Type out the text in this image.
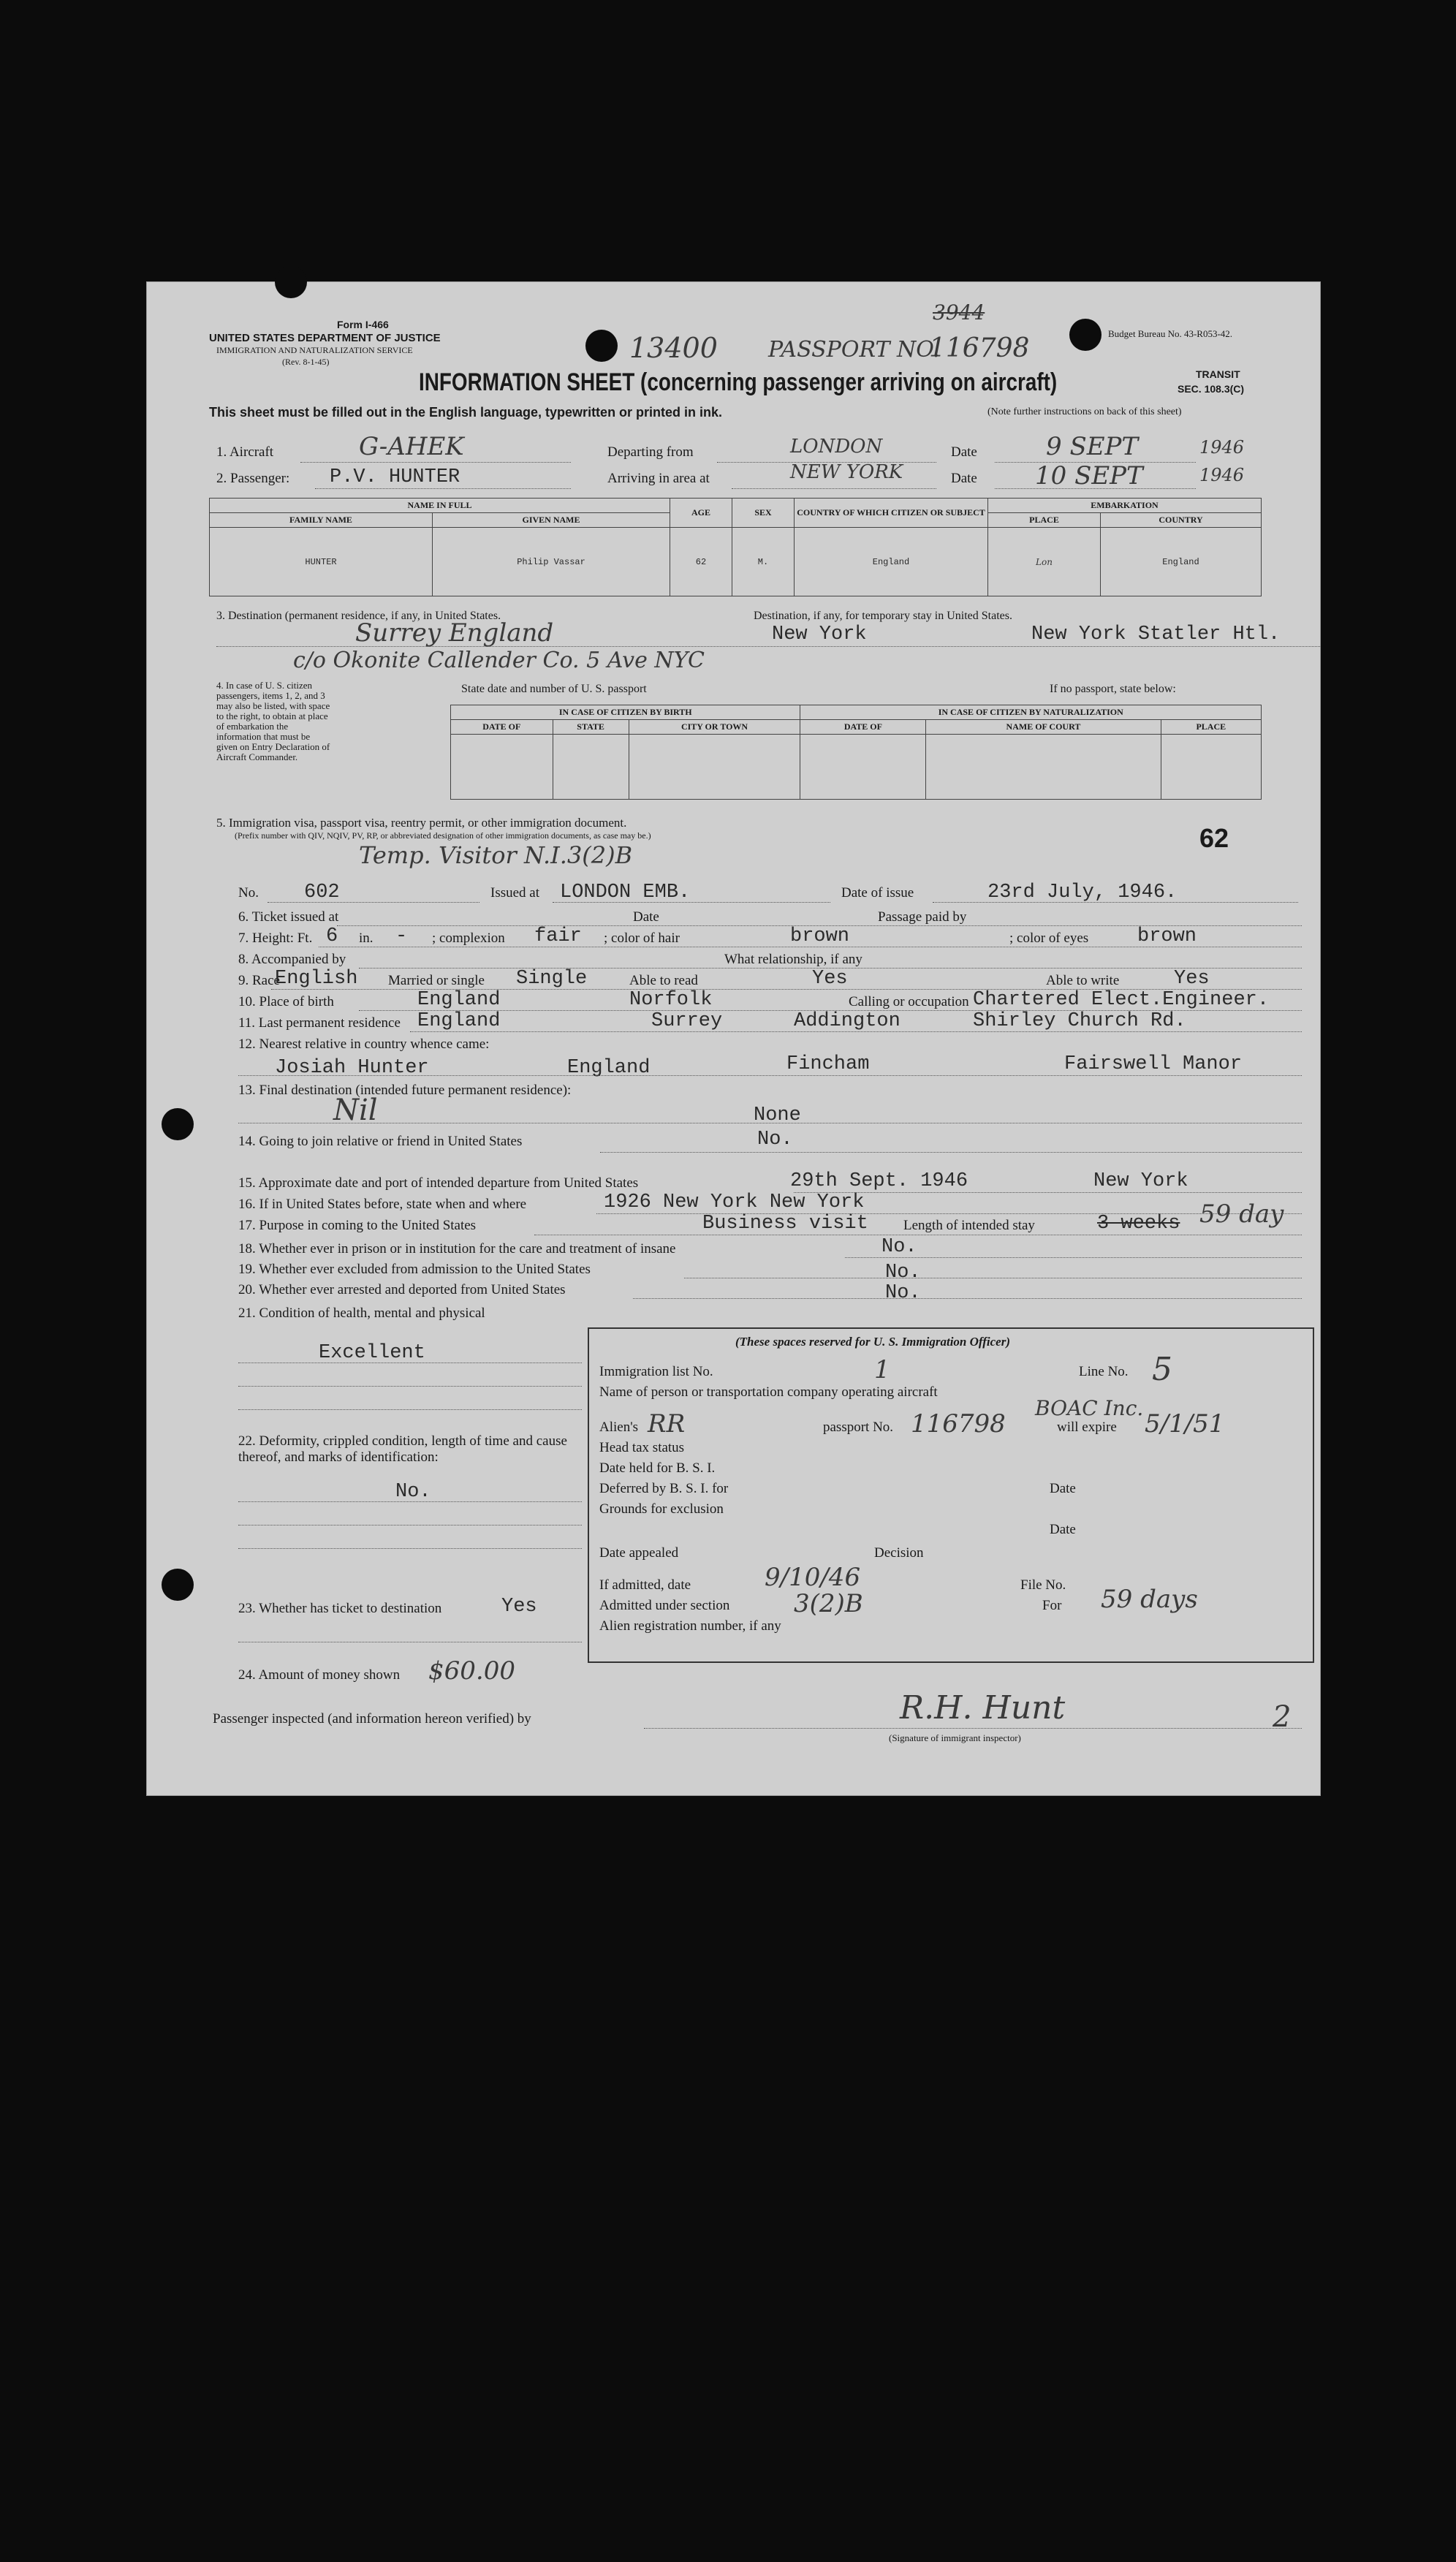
Form I-466
UNITED STATES DEPARTMENT OF JUSTICE
IMMIGRATION AND NATURALIZATION SERVICE
(Rev. 8-1-45)	13400 PASSPORT NO.
116798
3944
Budget Bureau No. 43-R053-42.
TRANSIT
SEC. 108.3(C)
INFORMATION SHEET (concerning passenger arriving on aircraft)
This sheet must be filled out in the English language, typewritten or printed in ink.	(Note further instructions on back of this sheet)
1. Aircraft	G-AHEK	Departing from	LONDON	Date	9 SEPT	1946
2. Passenger: P.V. HUNTER	Arriving in area at	NEW YORK	Date 10 SEPT	1946
NAME IN FULL		AGE	SEX	COUNTRY OF WHICH CITIZEN OR SUBJECT	EMBARKATION	
FAMILY NAME	GIVEN NAME				PLACE	COUNTRY
HUNTER	Philip Vassar	62	M.	England	Lon	England
3. Destination (permanent residence, if any, in United States.	Destination, if any, for temporary stay in United States.
Surrey England	New York	New York Statler Htl.
c/o Okonite Callender Co. 5 Ave NYC
4. In case of U. S. citizen passengers, items 1, 2, and 3 may also be listed, with space to the right, to obtain at place of embarkation the information that must be given on Entry Declaration of Aircraft Commander.
State date and number of U. S. passport	If no passport, state below:
IN CASE OF CITIZEN BY BIRTH			IN CASE OF CITIZEN BY NATURALIZATION		
DATE OF	STATE	CITY OR TOWN	DATE OF	NAME OF COURT	PLACE

5. Immigration visa, passport visa, reentry permit, or other immigration document.
(Prefix number with QIV, NQIV, PV, RP, or abbreviated designation of other immigration documents, as case may be.)	62
Temp. Visitor N.I.3(2)B
No. 602	Issued at LONDON EMB.	Date of issue	23rd July, 1946.
6. Ticket issued at	Date	Passage paid by
7. Height: Ft. 6 in. - ; complexion fair ; color of hair	brown	; color of eyes brown
8. Accompanied by	What relationship, if any
9. Race
English Married or single Single	Able to read	Yes	Able to write	Yes
10. Place of birth	England	Norfolk	Calling or occupation Chartered Elect.Engineer.
11. Last permanent residence England	Surrey	Addington	Shirley Church Rd.
12. Nearest relative in country whence came:
Josiah Hunter	England	Fincham	Fairswell Manor
13. Final destination (intended future permanent residence):
Nil	None
14. Going to join relative or friend in United States	No.
15. Approximate date and port of intended departure from United States	29th Sept. 1946	New York
16. If in United States before, state when and where	1926 New York New York
17. Purpose in coming to the United States	Business visit	Length of intended stay	3 weeks 59 day
18. Whether ever in prison or in institution for the care and treatment of insane	No.
19. Whether ever excluded from admission to the United States	No.
20. Whether ever arrested and deported from United States	No.
21. Condition of health, mental and physical
Excellent
22. Deformity, crippled condition, length of time and cause thereof, and marks of identification:
No.
23. Whether has ticket to destination	Yes
24. Amount of money shown $60.00
(These spaces reserved for U. S. Immigration Officer)
Immigration list No.	1	Line No. 5
Name of person or transportation company operating aircraft
BOAC Inc.
Alien's RR	passport No. 116798	will expire 5/1/51
Head tax status
Date held for B. S. I.
Deferred by B. S. I. for	Date
Grounds for exclusion
Date
Date appealed	Decision
If admitted, date	9/10/46	File No.
Admitted under section	3(2)B	For 59 days
Alien registration number, if any
Passenger inspected (and information hereon verified) by	R.H. Hunt
(Signature of immigrant inspector)
2
